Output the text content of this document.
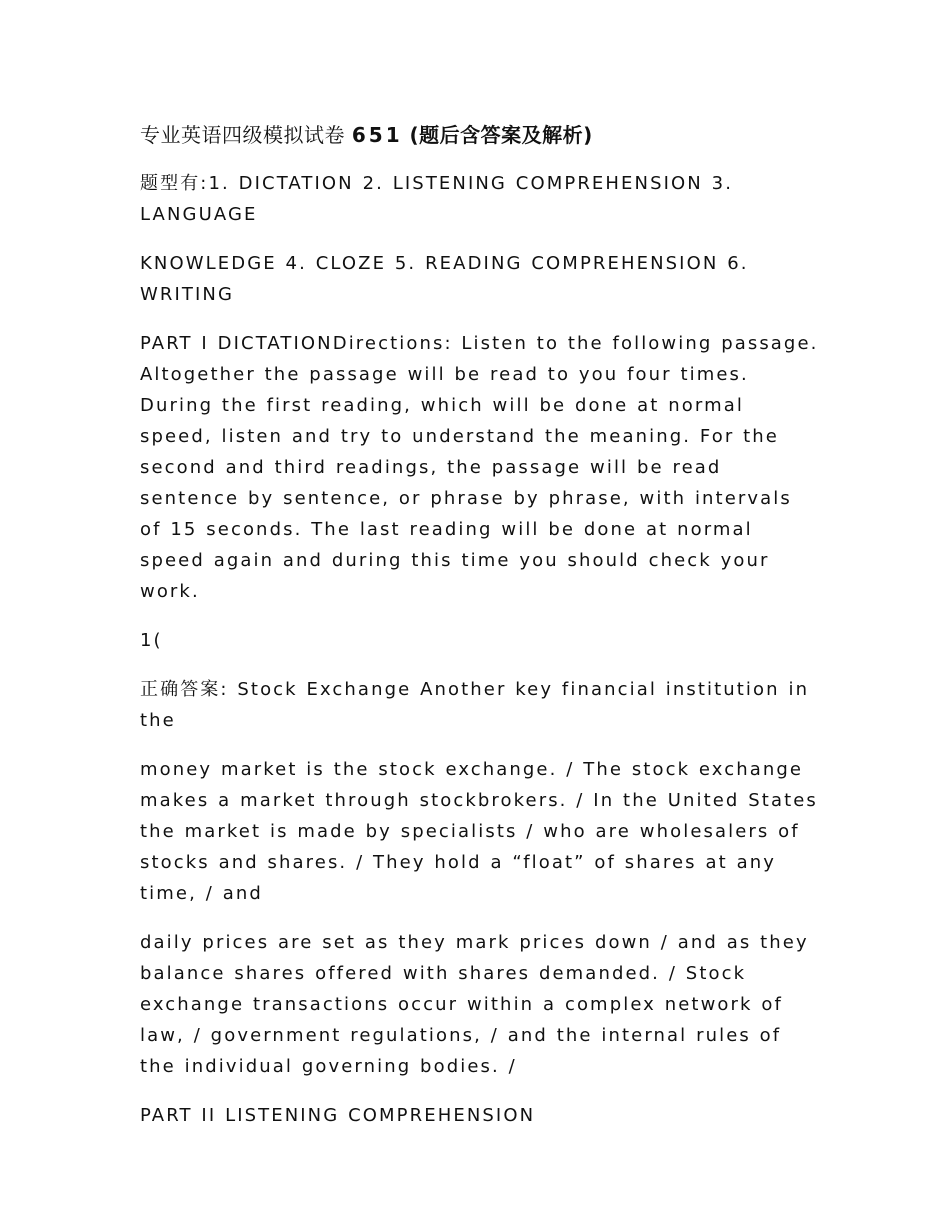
专业英语四级模拟试卷 651 (题后含答案及解析)

题型有:1. DICTATION 2. LISTENING COMPREHENSION 3. LANGUAGE

KNOWLEDGE 4. CLOZE 5. READING COMPREHENSION 6. WRITING

PART I DICTATIONDirections: Listen to the following passage. Altogether the passage will be read to you four times. During the first reading, which will be done at normal speed, listen and try to understand the meaning. For the second and third readings, the passage will be read sentence by sentence, or phrase by phrase, with intervals of 15 seconds. The last reading will be done at normal speed again and during this time you should check your work.

1(

正确答案: Stock Exchange Another key financial institution in the

money market is the stock exchange. / The stock exchange makes a market through stockbrokers. / In the United States the market is made by specialists / who are wholesalers of stocks and shares. / They hold a “float” of shares at any time, / and

daily prices are set as they mark prices down / and as they balance shares offered with shares demanded. / Stock exchange transactions occur within a complex network of law, / government regulations, / and the internal rules of the individual governing bodies. /

PART II LISTENING COMPREHENSION
